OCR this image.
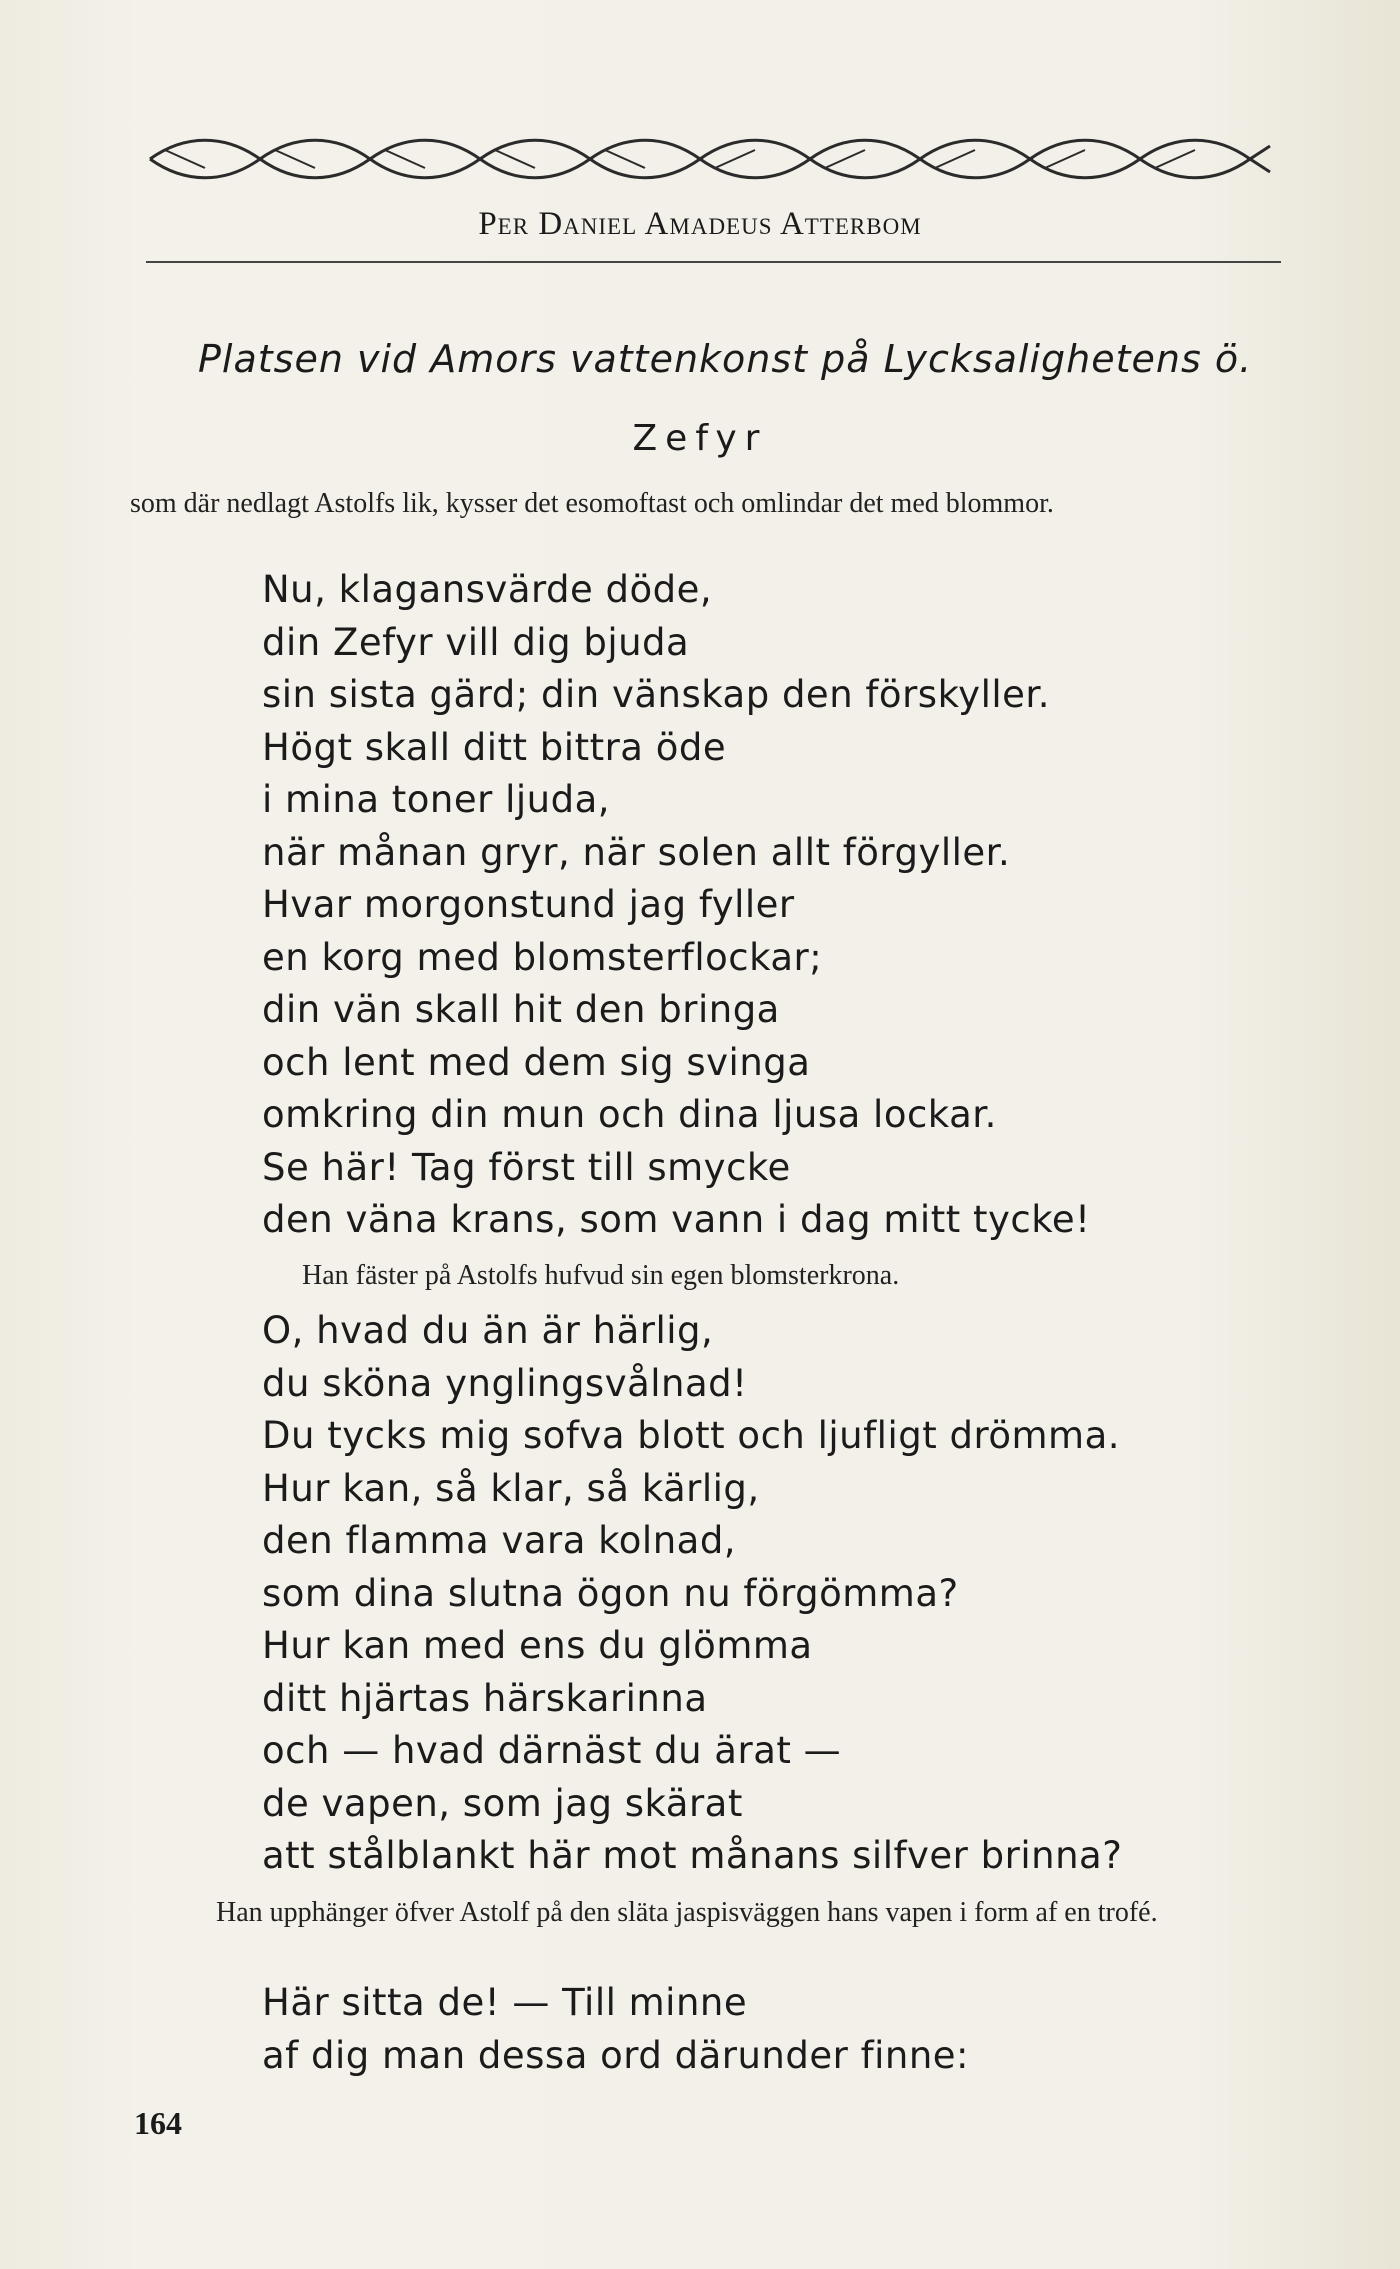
Per Daniel Amadeus Atterbom
Platsen vid Amors vattenkonst på Lycksalighetens ö.
Zefyr
som där nedlagt Astolfs lik, kysser det esomoftast och omlindar det med blommor.
Nu, klagansvärde döde,
din Zefyr vill dig bjuda
sin sista gärd; din vänskap den förskyller.
Högt skall ditt bittra öde
i mina toner ljuda,
när månan gryr, när solen allt förgyller.
Hvar morgonstund jag fyller
en korg med blomsterflockar;
din vän skall hit den bringa
och lent med dem sig svinga
omkring din mun och dina ljusa lockar.
Se här! Tag först till smycke
den väna krans, som vann i dag mitt tycke!
Han fäster på Astolfs hufvud sin egen blomsterkrona.
O, hvad du än är härlig,
du sköna ynglingsvålnad!
Du tycks mig sofva blott och ljufligt drömma.
Hur kan, så klar, så kärlig,
den flamma vara kolnad,
som dina slutna ögon nu förgömma?
Hur kan med ens du glömma
ditt hjärtas härskarinna
och — hvad därnäst du ärat —
de vapen, som jag skärat
att stålblankt här mot månans silfver brinna?
Han upphänger öfver Astolf på den släta jaspisväggen hans vapen i form af en trofé.
Här sitta de! — Till minne
af dig man dessa ord därunder finne:
164
